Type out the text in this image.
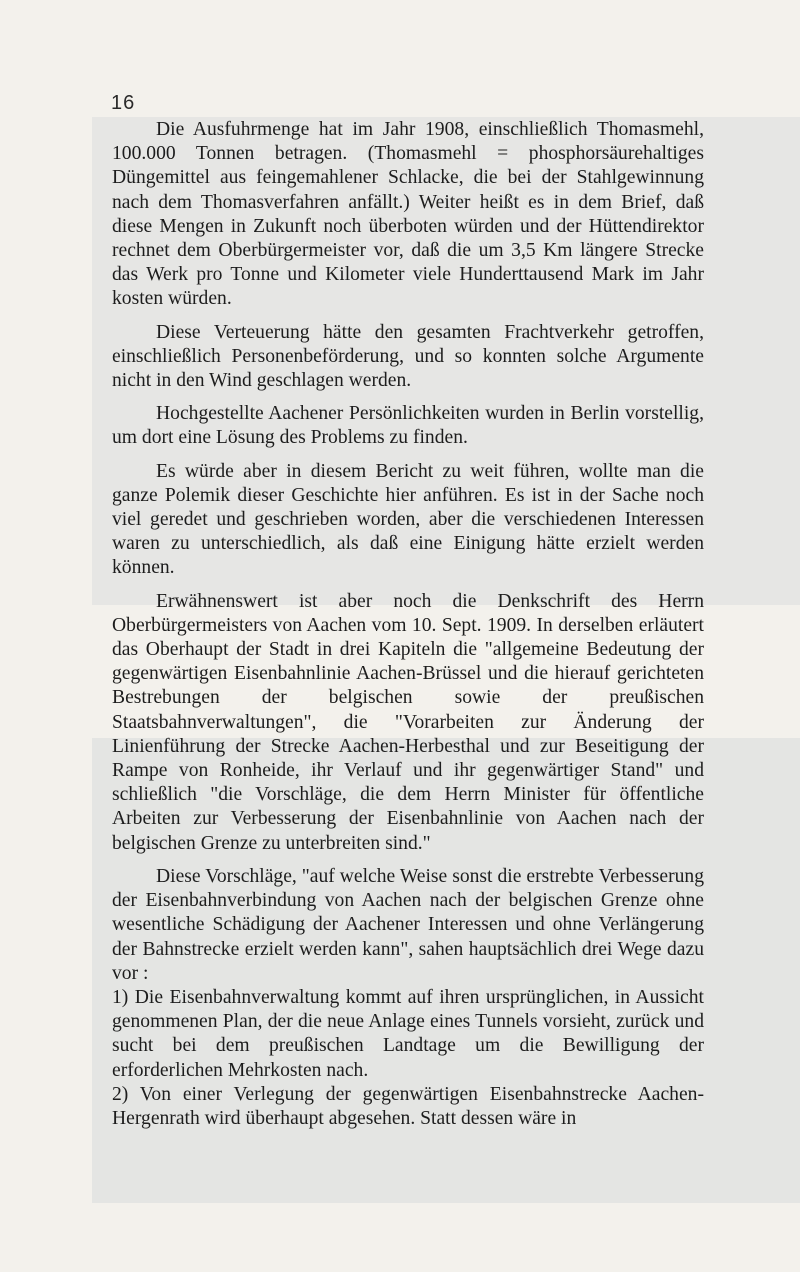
16

Die Ausfuhrmenge hat im Jahr 1908, einschließlich Thomasmehl, 100.000 Tonnen betragen. (Thomasmehl = phosphorsäurehaltiges Düngemittel aus feingemahlener Schlacke, die bei der Stahlgewinnung nach dem Thomasverfahren anfällt.) Weiter heißt es in dem Brief, daß diese Mengen in Zukunft noch überboten würden und der Hüttendirektor rechnet dem Oberbürgermeister vor, daß die um 3,5 Km längere Strecke das Werk pro Tonne und Kilometer viele Hunderttausend Mark im Jahr kosten würden.

Diese Verteuerung hätte den gesamten Frachtverkehr getroffen, einschließlich Personenbeförderung, und so konnten solche Argumente nicht in den Wind geschlagen werden.

Hochgestellte Aachener Persönlichkeiten wurden in Berlin vorstellig, um dort eine Lösung des Problems zu finden.

Es würde aber in diesem Bericht zu weit führen, wollte man die ganze Polemik dieser Geschichte hier anführen. Es ist in der Sache noch viel geredet und geschrieben worden, aber die verschiedenen Interessen waren zu unterschiedlich, als daß eine Einigung hätte erzielt werden können.

Erwähnenswert ist aber noch die Denkschrift des Herrn Oberbürgermeisters von Aachen vom 10. Sept. 1909. In derselben erläutert das Oberhaupt der Stadt in drei Kapiteln die "allgemeine Bedeutung der gegenwärtigen Eisenbahnlinie Aachen-Brüssel und die hierauf gerichteten Bestrebungen der belgischen sowie der preußischen Staatsbahnverwaltungen", die "Vorarbeiten zur Änderung der Linienführung der Strecke Aachen-Herbesthal und zur Beseitigung der Rampe von Ronheide, ihr Verlauf und ihr gegenwärtiger Stand" und schließlich "die Vorschläge, die dem Herrn Minister für öffentliche Arbeiten zur Verbesserung der Eisenbahnlinie von Aachen nach der belgischen Grenze zu unterbreiten sind."

Diese Vorschläge, "auf welche Weise sonst die erstrebte Verbesserung der Eisenbahnverbindung von Aachen nach der belgischen Grenze ohne wesentliche Schädigung der Aachener Interessen und ohne Verlängerung der Bahnstrecke erzielt werden kann", sahen hauptsächlich drei Wege dazu vor :

1) Die Eisenbahnverwaltung kommt auf ihren ursprünglichen, in Aussicht genommenen Plan, der die neue Anlage eines Tunnels vorsieht, zurück und sucht bei dem preußischen Landtage um die Bewilligung der erforderlichen Mehrkosten nach.

2) Von einer Verlegung der gegenwärtigen Eisenbahnstrecke Aachen-Hergenrath wird überhaupt abgesehen. Statt dessen wäre in
